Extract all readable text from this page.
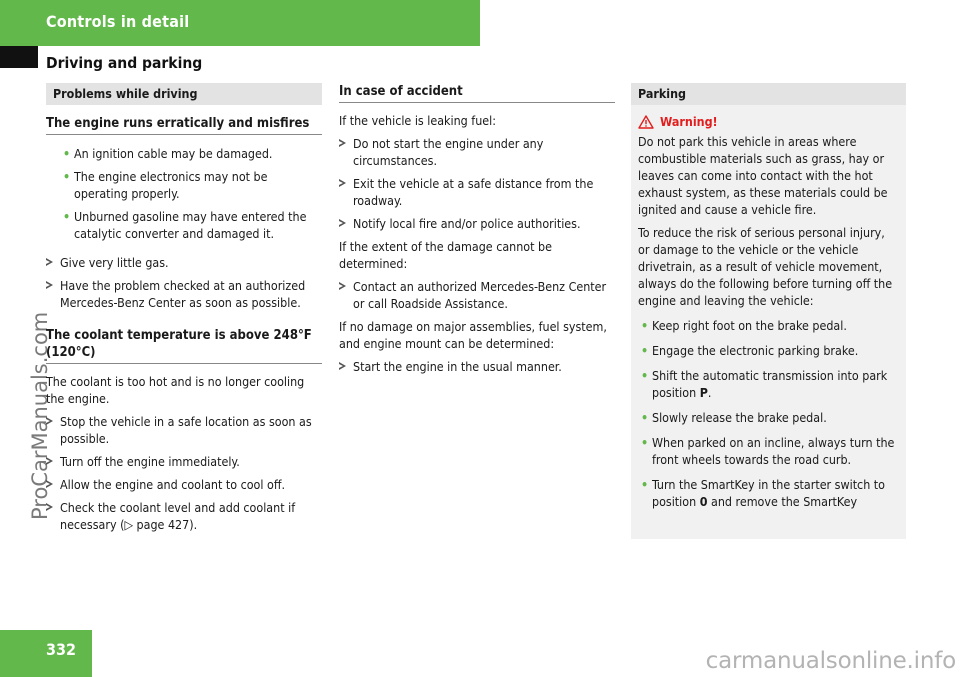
Controls in detail
Driving and parking
ProCarManuals.com
Problems while driving
The engine runs erratically and misfires
• An ignition cable may be damaged.
• The engine electronics may not be operating properly.
• Unburned gasoline may have entered the catalytic converter and damaged it.
Give very little gas.
Have the problem checked at an authorized Mercedes-Benz Center as soon as possible.
The coolant temperature is above 248°F (120°C)
The coolant is too hot and is no longer cooling the engine.
Stop the vehicle in a safe location as soon as possible.
Turn off the engine immediately.
Allow the engine and coolant to cool off.
Check the coolant level and add coolant if necessary (▷ page 427).
In case of accident
If the vehicle is leaking fuel:
Do not start the engine under any circumstances.
Exit the vehicle at a safe distance from the roadway.
Notify local fire and/or police authorities.
If the extent of the damage cannot be determined:
Contact an authorized Mercedes-Benz Center or call Roadside Assistance.
If no damage on major assemblies, fuel system, and engine mount can be determined:
Start the engine in the usual manner.
Parking
Warning!
Do not park this vehicle in areas where combustible materials such as grass, hay or leaves can come into contact with the hot exhaust system, as these materials could be ignited and cause a vehicle fire.
To reduce the risk of serious personal injury, or damage to the vehicle or the vehicle drivetrain, as a result of vehicle movement, always do the following before turning off the engine and leaving the vehicle:
• Keep right foot on the brake pedal.
• Engage the electronic parking brake.
• Shift the automatic transmission into park position P.
• Slowly release the brake pedal.
• When parked on an incline, always turn the front wheels towards the road curb.
• Turn the SmartKey in the starter switch to position 0 and remove the SmartKey
332	carmanualsonline.info
